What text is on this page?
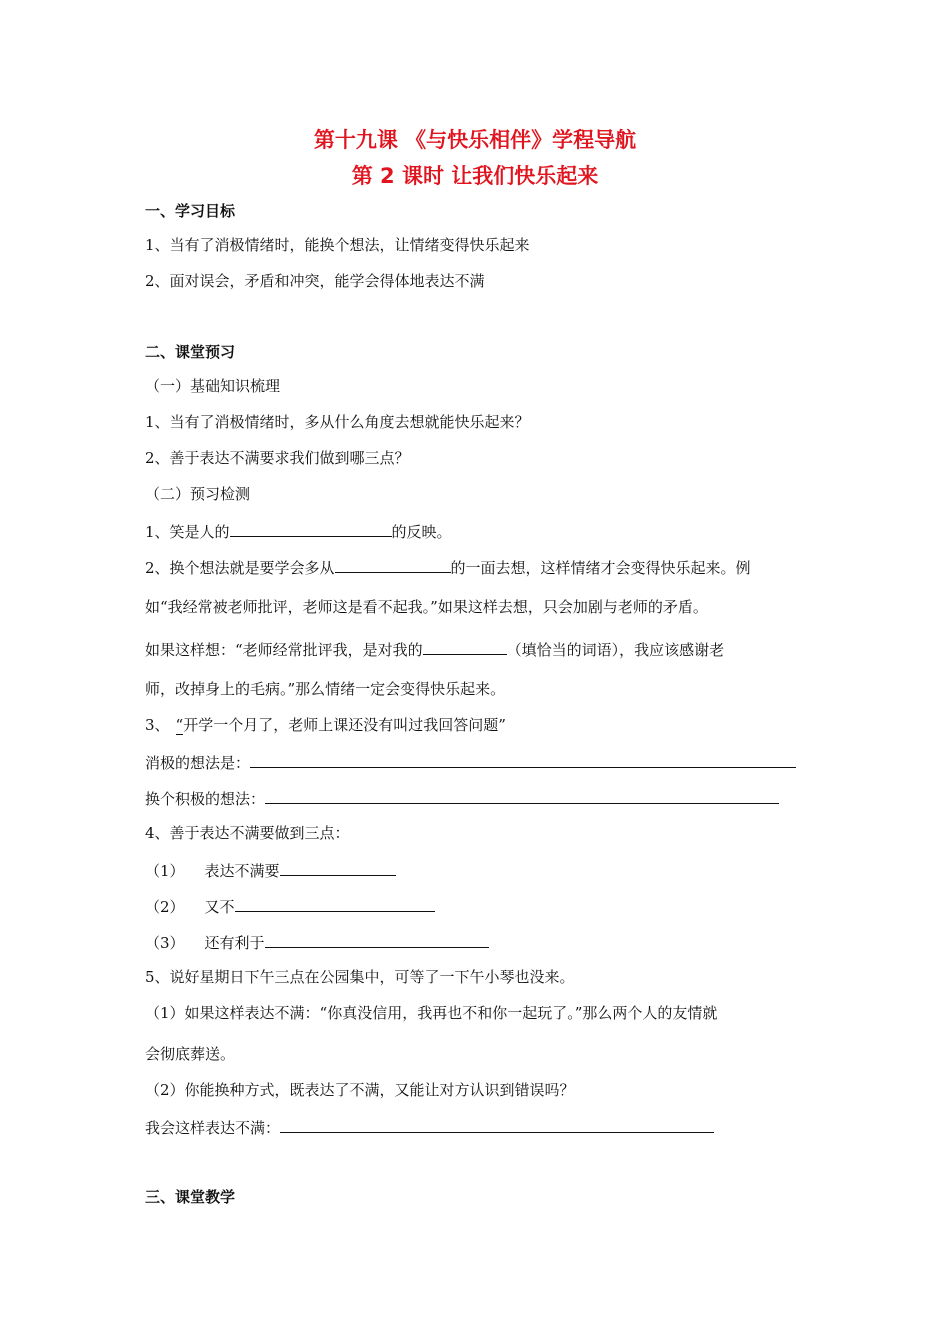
第十九课 《与快乐相伴》学程导航
第 2 课时 让我们快乐起来
一、学习目标
1、当有了消极情绪时，能换个想法，让情绪变得快乐起来
2、面对误会，矛盾和冲突，能学会得体地表达不满
二、课堂预习
（一）基础知识梳理
1、当有了消极情绪时，多从什么角度去想就能快乐起来？
2、善于表达不满要求我们做到哪三点？
（二）预习检测
1、笑是人的	的反映。
2、换个想法就是要学会多从	的一面去想，这样情绪才会变得快乐起来。例
如“我经常被老师批评，老师这是看不起我。”如果这样去想，只会加剧与老师的矛盾。
如果这样想：“老师经常批评我，是对我的	（填恰当的词语），我应该感谢老
师，改掉身上的毛病。”那么情绪一定会变得快乐起来。
3、 “开学一个月了，老师上课还没有叫过我回答问题”
消极的想法是：
换个积极的想法：
4、善于表达不满要做到三点：
（1） 表达不满要
（2） 又不
（3） 还有利于
5、说好星期日下午三点在公园集中，可等了一下午小琴也没来。
（1）如果这样表达不满：“你真没信用，我再也不和你一起玩了。”那么两个人的友情就
会彻底葬送。
（2）你能换种方式，既表达了不满，又能让对方认识到错误吗？
我会这样表达不满：
三、课堂教学
